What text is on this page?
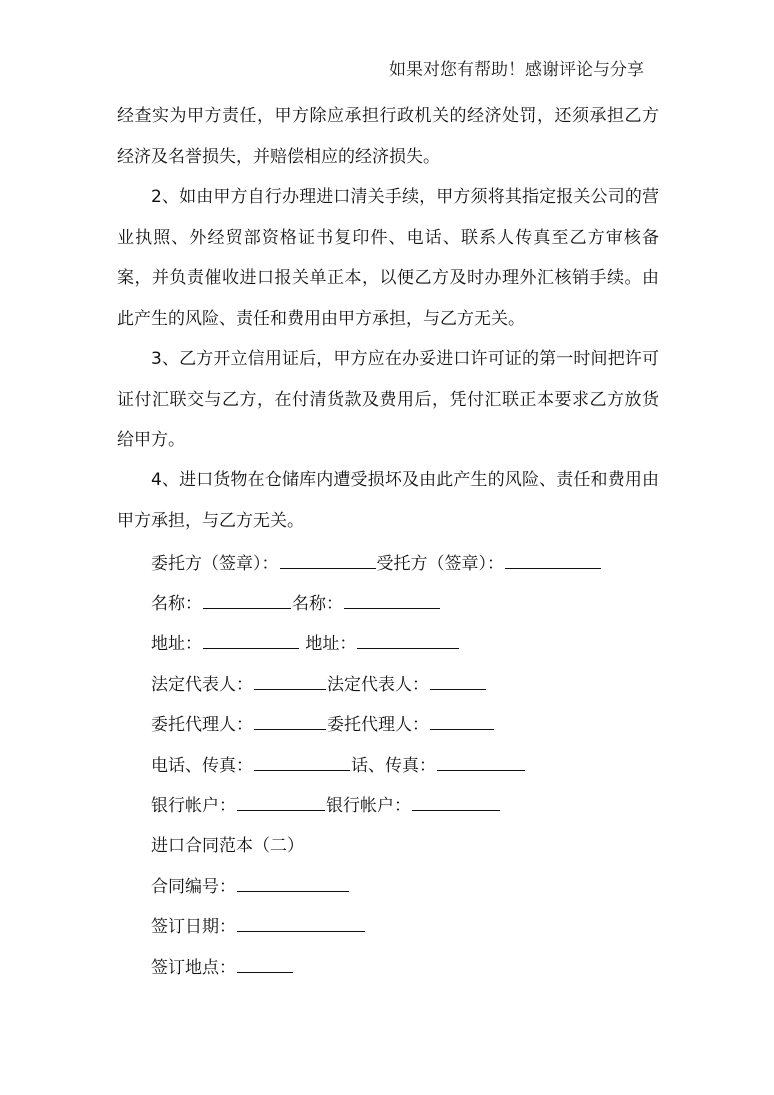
如果对您有帮助！感谢评论与分享

经查实为甲方责任，甲方除应承担行政机关的经济处罚，还须承担乙方经济及名誉损失，并赔偿相应的经济损失。

2、如由甲方自行办理进口清关手续，甲方须将其指定报关公司的营业执照、外经贸部资格证书复印件、电话、联系人传真至乙方审核备案，并负责催收进口报关单正本，以便乙方及时办理外汇核销手续。由此产生的风险、责任和费用由甲方承担，与乙方无关。

3、乙方开立信用证后，甲方应在办妥进口许可证的第一时间把许可证付汇联交与乙方，在付清货款及费用后，凭付汇联正本要求乙方放货给甲方。

4、进口货物在仓储库内遭受损坏及由此产生的风险、责任和费用由甲方承担，与乙方无关。

委托方（签章）：	受托方（签章）：
名称：	名称：
地址：	地址：
法定代表人：	法定代表人：
委托代理人：	委托代理人：
电话、传真：	话、传真：
银行帐户：	银行帐户：
进口合同范本（二）
合同编号：
签订日期：
签订地点：
